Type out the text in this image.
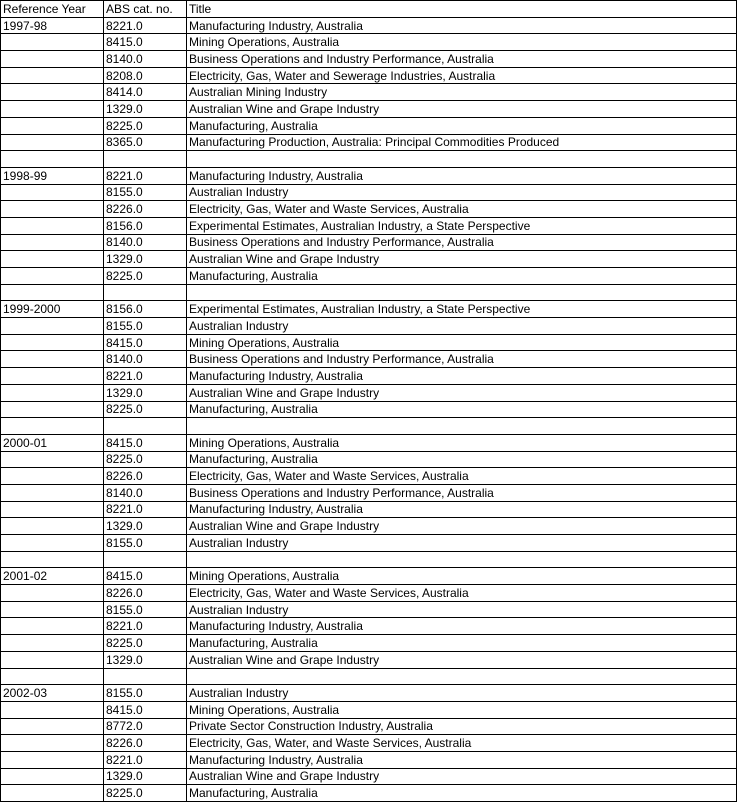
Reference Year	ABS cat. no.	Title
1997-98	8221.0	Manufacturing Industry, Australia
	8415.0	Mining Operations, Australia
	8140.0	Business Operations and Industry Performance, Australia
	8208.0	Electricity, Gas, Water and Sewerage Industries, Australia
	8414.0	Australian Mining Industry
	1329.0	Australian Wine and Grape Industry
	8225.0	Manufacturing, Australia
	8365.0	Manufacturing Production, Australia: Principal Commodities Produced

1998-99	8221.0	Manufacturing Industry, Australia
	8155.0	Australian Industry
	8226.0	Electricity, Gas, Water and Waste Services, Australia
	8156.0	Experimental Estimates, Australian Industry, a State Perspective
	8140.0	Business Operations and Industry Performance, Australia
	1329.0	Australian Wine and Grape Industry
	8225.0	Manufacturing, Australia

1999-2000	8156.0	Experimental Estimates, Australian Industry, a State Perspective
	8155.0	Australian Industry
	8415.0	Mining Operations, Australia
	8140.0	Business Operations and Industry Performance, Australia
	8221.0	Manufacturing Industry, Australia
	1329.0	Australian Wine and Grape Industry
	8225.0	Manufacturing, Australia

2000-01	8415.0	Mining Operations, Australia
	8225.0	Manufacturing, Australia
	8226.0	Electricity, Gas, Water and Waste Services, Australia
	8140.0	Business Operations and Industry Performance, Australia
	8221.0	Manufacturing Industry, Australia
	1329.0	Australian Wine and Grape Industry
	8155.0	Australian Industry

2001-02	8415.0	Mining Operations, Australia
	8226.0	Electricity, Gas, Water and Waste Services, Australia
	8155.0	Australian Industry
	8221.0	Manufacturing Industry, Australia
	8225.0	Manufacturing, Australia
	1329.0	Australian Wine and Grape Industry

2002-03	8155.0	Australian Industry
	8415.0	Mining Operations, Australia
	8772.0	Private Sector Construction Industry, Australia
	8226.0	Electricity, Gas, Water, and Waste Services, Australia
	8221.0	Manufacturing Industry, Australia
	1329.0	Australian Wine and Grape Industry
	8225.0	Manufacturing, Australia
